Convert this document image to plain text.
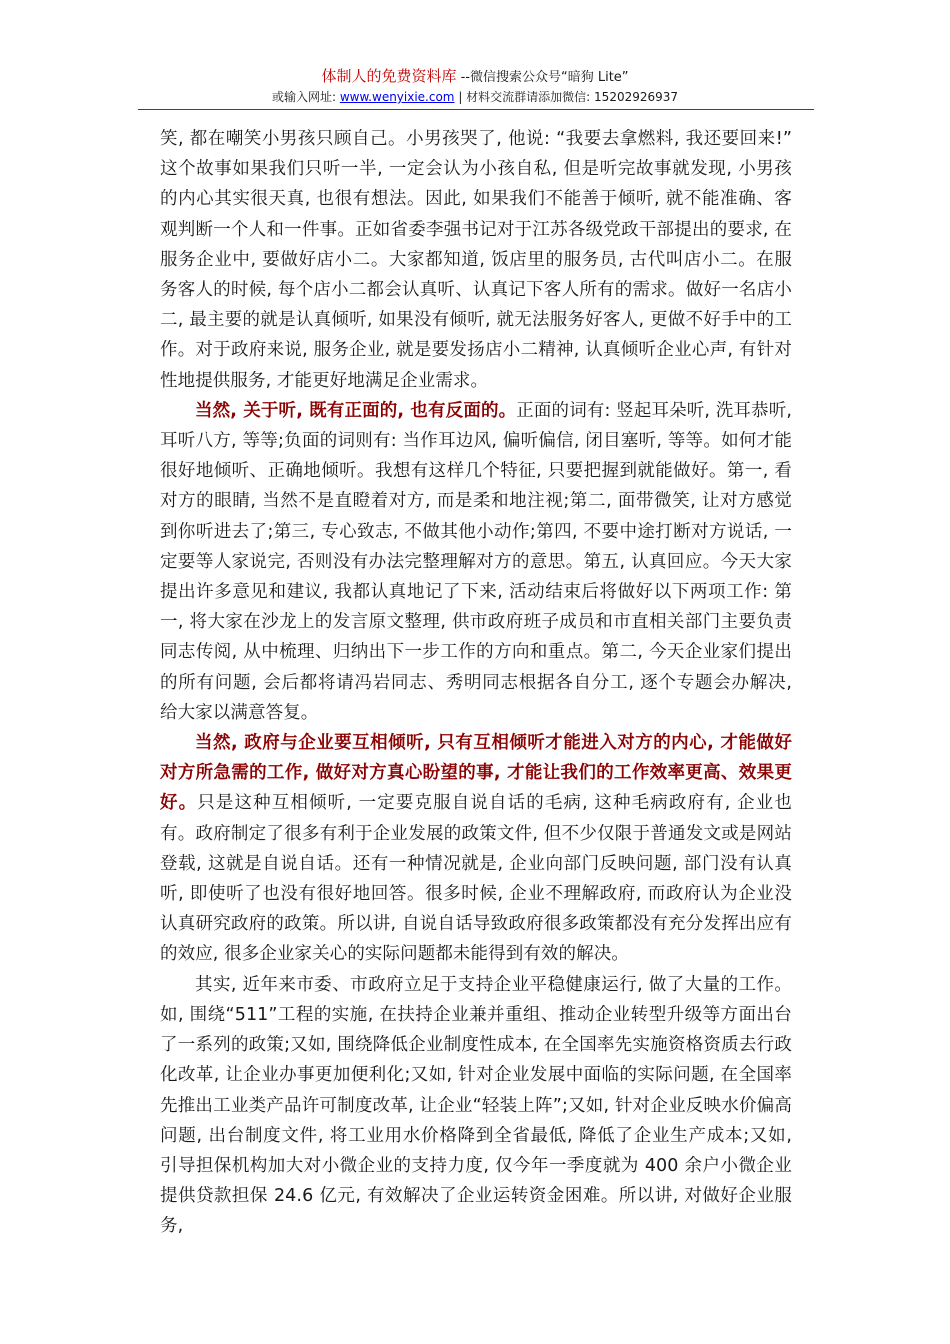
体制人的免费资料库 --微信搜索公众号“暗狗 Lite”
或输入网址: www.wenyixie.com | 材料交流群请添加微信: 15202926937

笑, 都在嘲笑小男孩只顾自己。小男孩哭了, 他说: “我要去拿燃料, 我还要回来!” 这个故事如果我们只听一半, 一定会认为小孩自私, 但是听完故事就发现, 小男孩的内心其实很天真, 也很有想法。因此, 如果我们不能善于倾听, 就不能准确、客观判断一个人和一件事。正如省委李强书记对于江苏各级党政干部提出的要求, 在服务企业中, 要做好店小二。大家都知道, 饭店里的服务员, 古代叫店小二。在服务客人的时候, 每个店小二都会认真听、认真记下客人所有的需求。做好一名店小二, 最主要的就是认真倾听, 如果没有倾听, 就无法服务好客人, 更做不好手中的工作。对于政府来说, 服务企业, 就是要发扬店小二精神, 认真倾听企业心声, 有针对性地提供服务, 才能更好地满足企业需求。

当然, 关于听, 既有正面的, 也有反面的。正面的词有: 竖起耳朵听, 洗耳恭听, 耳听八方, 等等;负面的词则有: 当作耳边风, 偏听偏信, 闭目塞听, 等等。如何才能很好地倾听、正确地倾听。我想有这样几个特征, 只要把握到就能做好。第一, 看对方的眼睛, 当然不是直瞪着对方, 而是柔和地注视;第二, 面带微笑, 让对方感觉到你听进去了;第三, 专心致志, 不做其他小动作;第四, 不要中途打断对方说话, 一定要等人家说完, 否则没有办法完整理解对方的意思。第五, 认真回应。今天大家提出许多意见和建议, 我都认真地记了下来, 活动结束后将做好以下两项工作: 第一, 将大家在沙龙上的发言原文整理, 供市政府班子成员和市直相关部门主要负责同志传阅, 从中梳理、归纳出下一步工作的方向和重点。第二, 今天企业家们提出的所有问题, 会后都将请冯岩同志、秀明同志根据各自分工, 逐个专题会办解决, 给大家以满意答复。

当然, 政府与企业要互相倾听, 只有互相倾听才能进入对方的内心, 才能做好对方所急需的工作, 做好对方真心盼望的事, 才能让我们的工作效率更高、效果更好。只是这种互相倾听, 一定要克服自说自话的毛病, 这种毛病政府有, 企业也有。政府制定了很多有利于企业发展的政策文件, 但不少仅限于普通发文或是网站登载, 这就是自说自话。还有一种情况就是, 企业向部门反映问题, 部门没有认真听, 即使听了也没有很好地回答。很多时候, 企业不理解政府, 而政府认为企业没认真研究政府的政策。所以讲, 自说自话导致政府很多政策都没有充分发挥出应有的效应, 很多企业家关心的实际问题都未能得到有效的解决。

其实, 近年来市委、市政府立足于支持企业平稳健康运行, 做了大量的工作。如, 围绕“511”工程的实施, 在扶持企业兼并重组、推动企业转型升级等方面出台了一系列的政策;又如, 围绕降低企业制度性成本, 在全国率先实施资格资质去行政化改革, 让企业办事更加便利化;又如, 针对企业发展中面临的实际问题, 在全国率先推出工业类产品许可制度改革, 让企业“轻装上阵”;又如, 针对企业反映水价偏高问题, 出台制度文件, 将工业用水价格降到全省最低, 降低了企业生产成本;又如, 引导担保机构加大对小微企业的支持力度, 仅今年一季度就为 400 余户小微企业提供贷款担保 24.6 亿元, 有效解决了企业运转资金困难。所以讲, 对做好企业服务,
